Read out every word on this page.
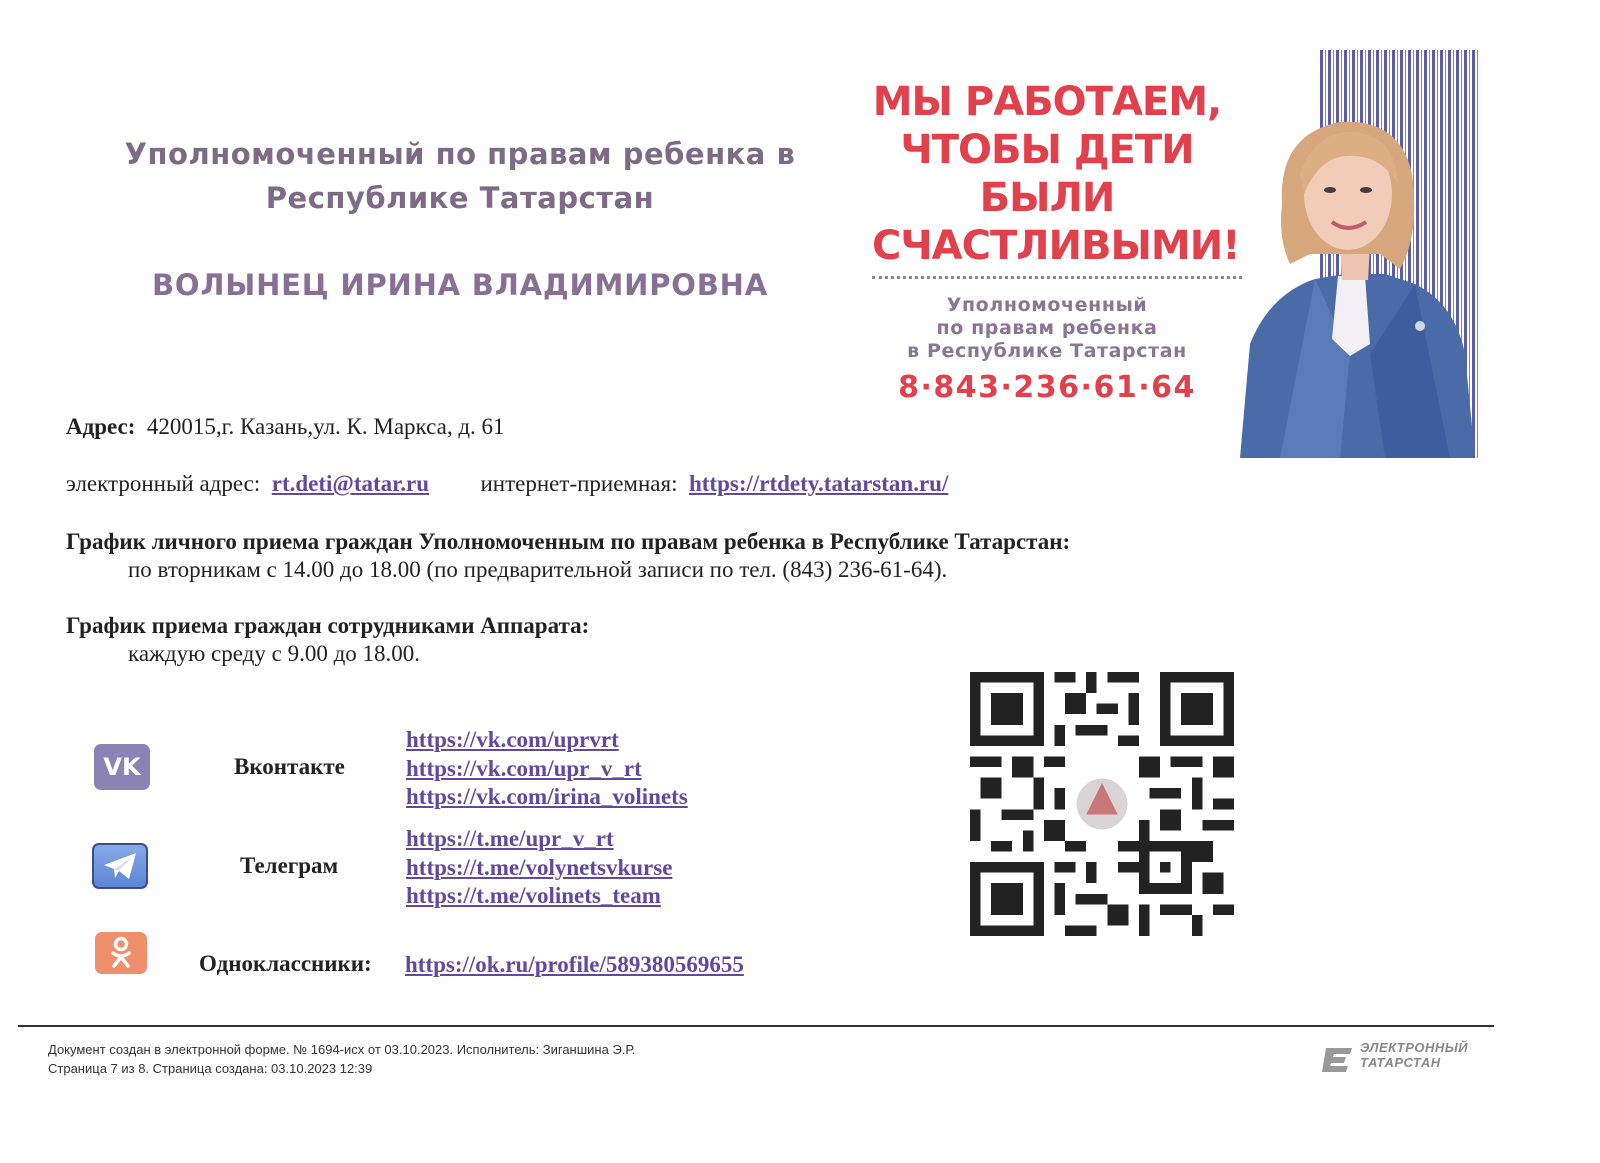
Уполномоченный по правам ребенка в
Республике Татарстан
ВОЛЫНЕЦ ИРИНА ВЛАДИМИРОВНА
МЫ РАБОТАЕМ,
ЧТОБЫ ДЕТИ
БЫЛИ
СЧАСТЛИВЫМИ!
Уполномоченный
по правам ребенка
в Республике Татарстан
8·843·236·61·64
Адрес: 420015,г. Казань,ул. К. Маркса, д. 61
электронный адрес: rt.deti@tatar.ru интернет-приемная: https://rtdety.tatarstan.ru/
График личного приема граждан Уполномоченным по правам ребенка в Республике Татарстан:
по вторникам с 14.00 до 18.00 (по предварительной записи по тел. (843) 236-61-64).
График приема граждан сотрудниками Аппарата:
каждую среду с 9.00 до 18.00.
VK	Вконтакте
https://vk.com/uprvrt
https://vk.com/upr_v_rt
https://vk.com/irina_volinets
Телеграм
https://t.me/upr_v_rt
https://t.me/volynetsvkurse
https://t.me/volinets_team
Одноклассники: https://ok.ru/profile/589380569655
Документ создан в электронной форме. № 1694-исх от 03.10.2023. Исполнитель: Зиганшина Э.Р.
Страница 7 из 8. Страница создана: 03.10.2023 12:39
ЭЛЕКТРОННЫЙ
ТАТАРСТАН
